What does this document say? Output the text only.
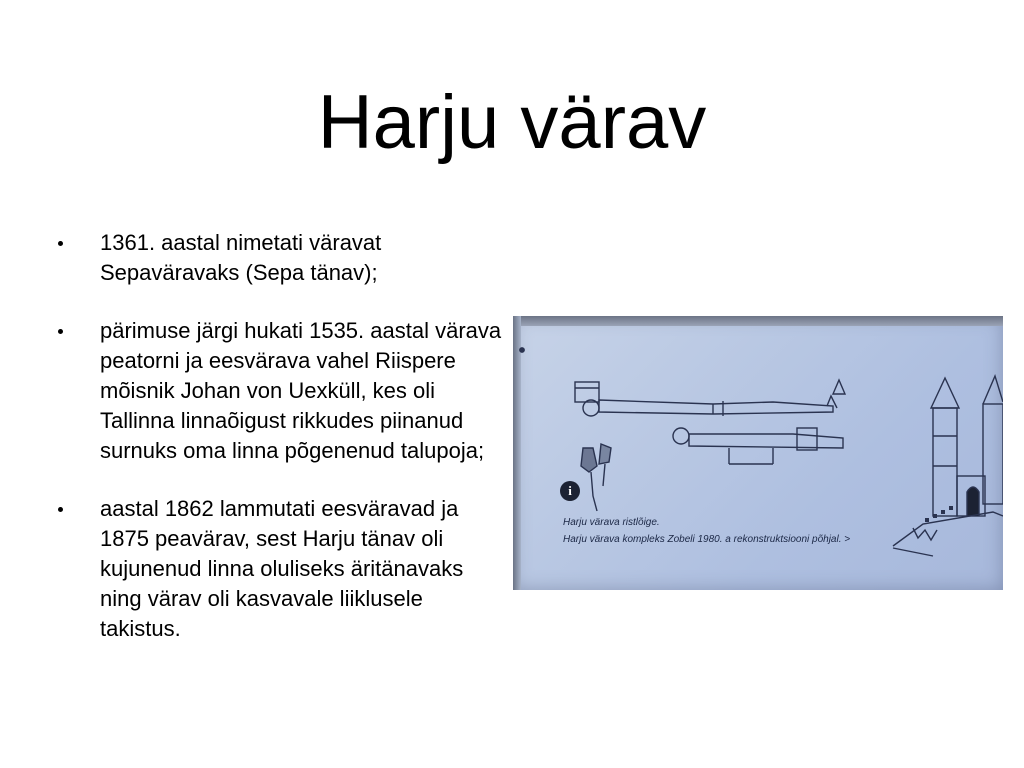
Harju värav
1361. aastal nimetati väravat Sepaväravaks (Sepa tänav);
pärimuse järgi hukati 1535. aastal värava peatorni ja eesvärava vahel Riispere mõisnik Johan von Uexküll, kes oli Tallinna linnaõigust rikkudes piinanud surnuks oma linna põgenenud talupoja;
aastal 1862 lammutati eesväravad ja 1875 peavärav, sest Harju tänav oli kujunenud linna oluliseks äritänavaks ning värav oli kasvavale liiklusele takistus.
i
Harju värava ristlõige.
Harju värava kompleks Zobeli 1980. a rekonstruktsiooni põhjal. >
